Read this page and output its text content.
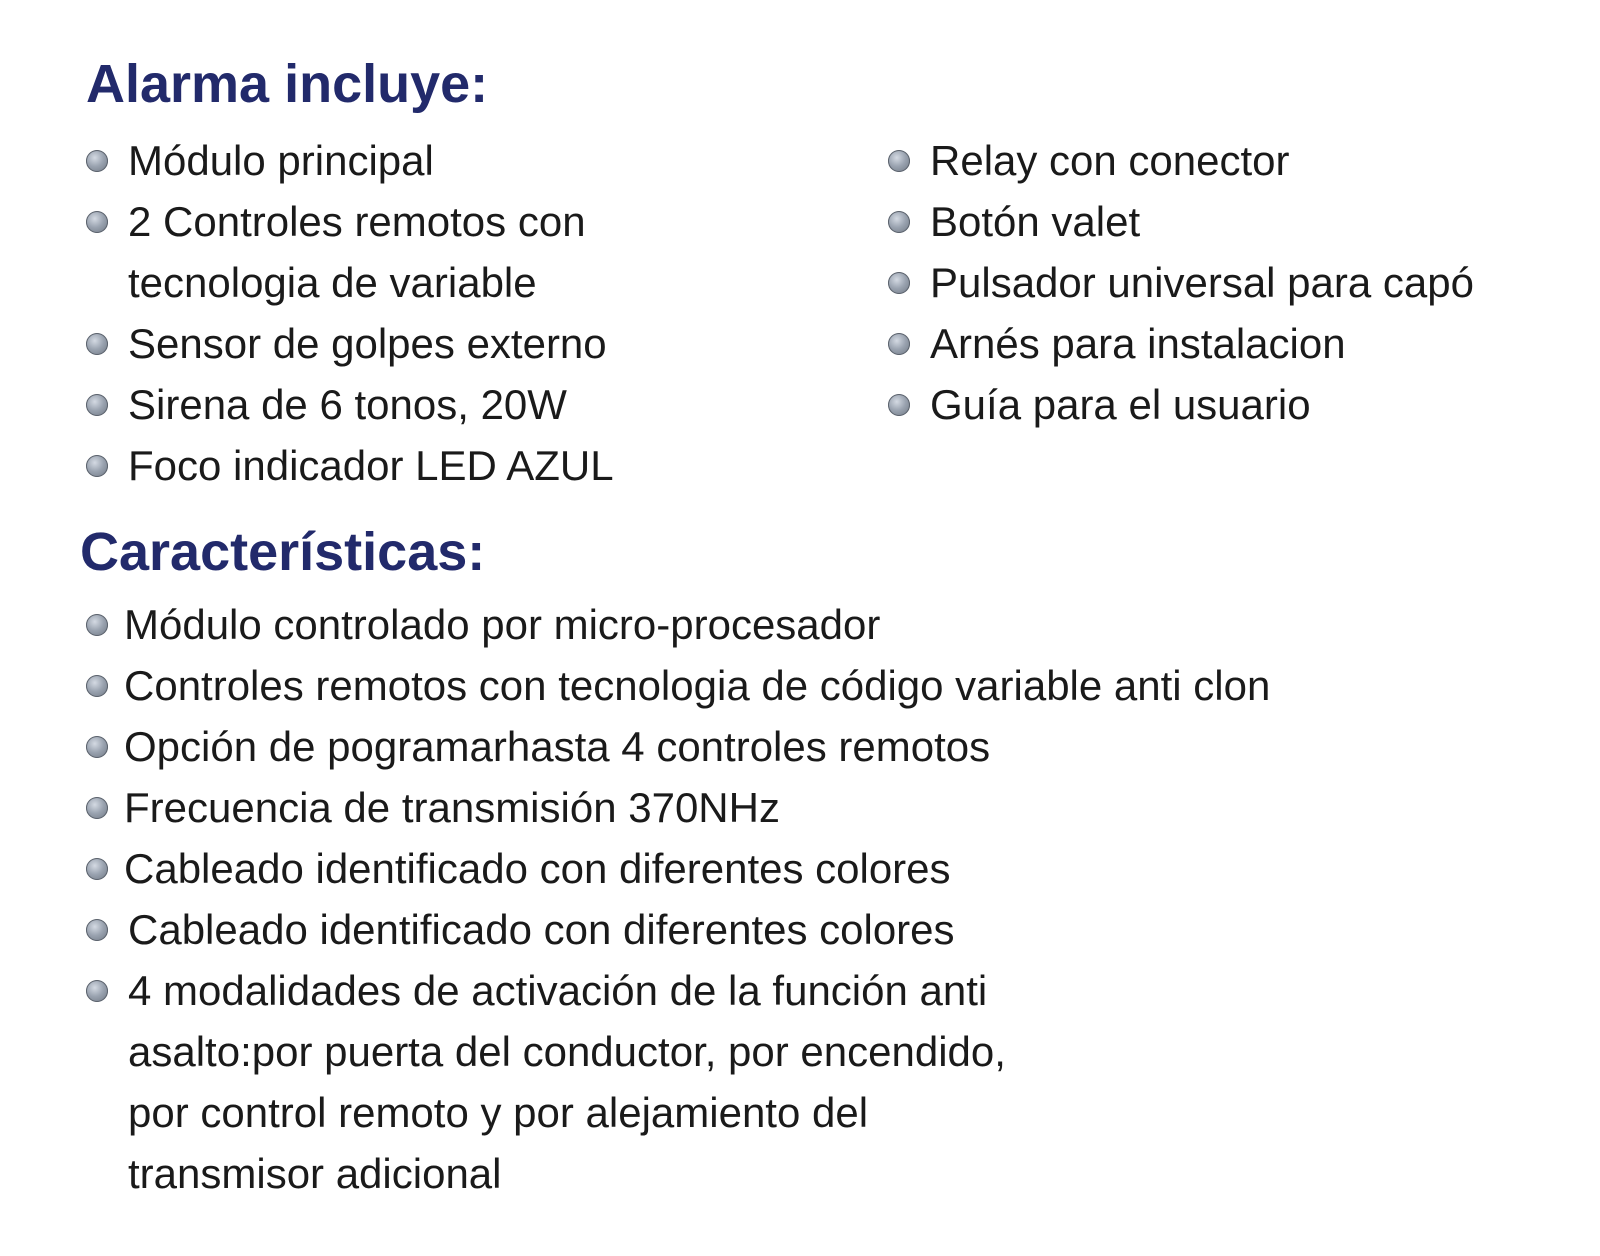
Alarma incluye:
Módulo principal
2 Controles remotos con
tecnologia de variable
Sensor de golpes externo
Sirena de 6 tonos, 20W
Foco indicador LED AZUL
Relay con conector
Botón valet
Pulsador universal para capó
Arnés para instalacion
Guía para el usuario
Características:
Módulo controlado por micro-procesador
Controles remotos con tecnologia de código variable anti clon
Opción de pogramarhasta 4 controles remotos
Frecuencia de transmisión 370NHz
Cableado identificado con diferentes colores
Cableado identificado con diferentes colores
4 modalidades de activación de la función anti
asalto:por puerta del conductor, por encendido,
por control remoto y por alejamiento del
transmisor adicional
